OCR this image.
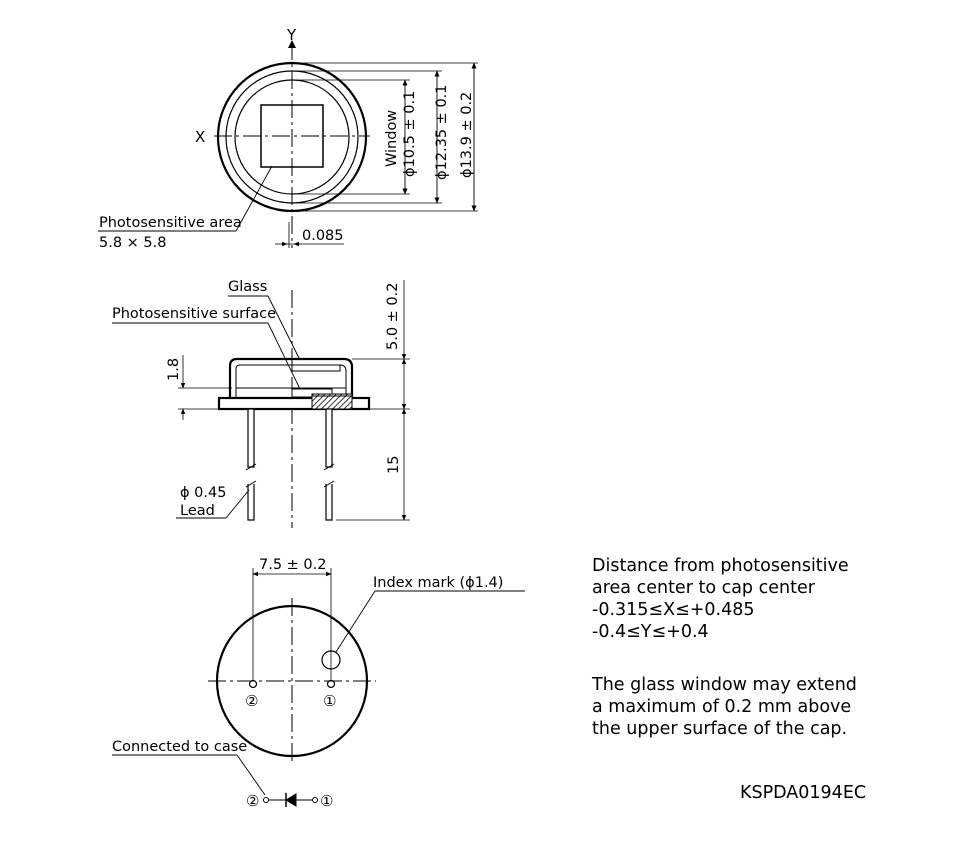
Y
X
Photosensitive area
5.8 × 5.8	0.085
Window ϕ10.5 ± 0.1 ϕ12.35 ± 0.1 ϕ13.9 ± 0.2
Glass
Photosensitive surface
1.8
5.0 ± 0.2
15
ϕ 0.45
Lead
7.5 ± 0.2
Index mark (ϕ1.4)
②	①
Connected to case
②	①
Distance from photosensitive
area center to cap center
-0.315≤X≤+0.485
-0.4≤Y≤+0.4
The glass window may extend
a maximum of 0.2 mm above
the upper surface of the cap.
KSPDA0194EC
